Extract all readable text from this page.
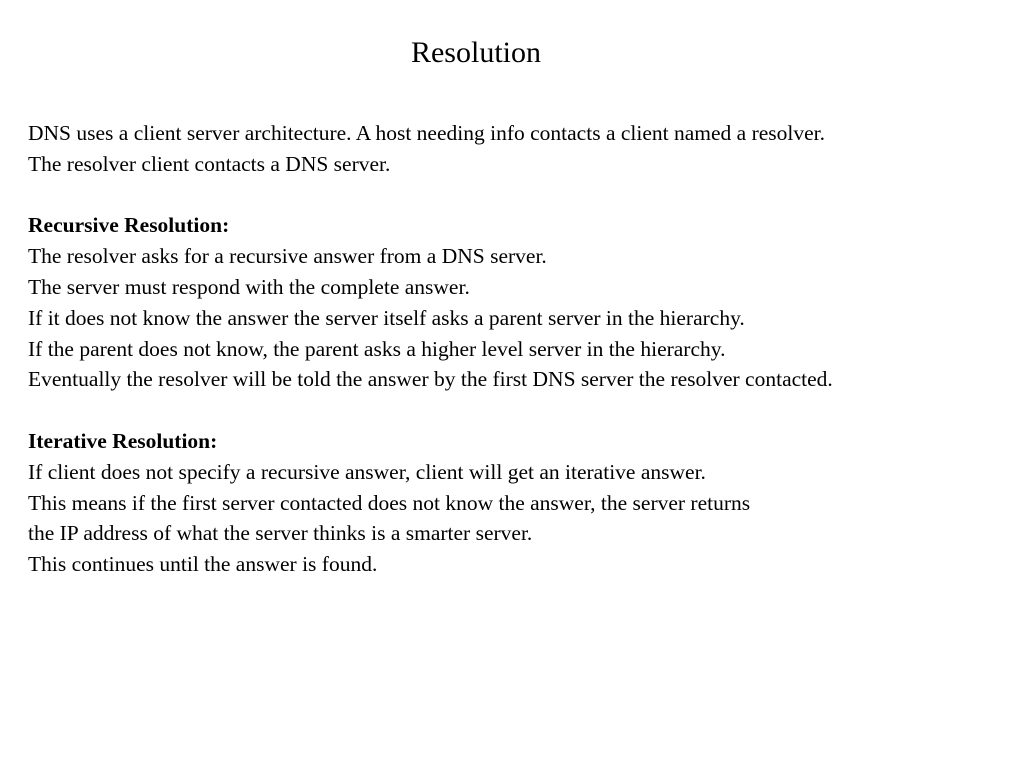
Resolution
DNS uses a client server architecture. A host needing info contacts a client named a resolver.
The resolver client contacts a DNS server.
Recursive Resolution:
The resolver asks for a recursive answer from a DNS server.
The server must respond with the complete answer.
If it does not know the answer the server itself asks a parent server in the hierarchy.
If the parent does not know, the parent asks a higher level server in the hierarchy.
Eventually the resolver will be told the answer by the first DNS server the resolver contacted.
Iterative Resolution:
If client does not specify a recursive answer, client will get an iterative answer.
This means if the first server contacted does not know the answer, the server returns
the IP address of what the server thinks is a smarter server.
This continues until the answer is found.
